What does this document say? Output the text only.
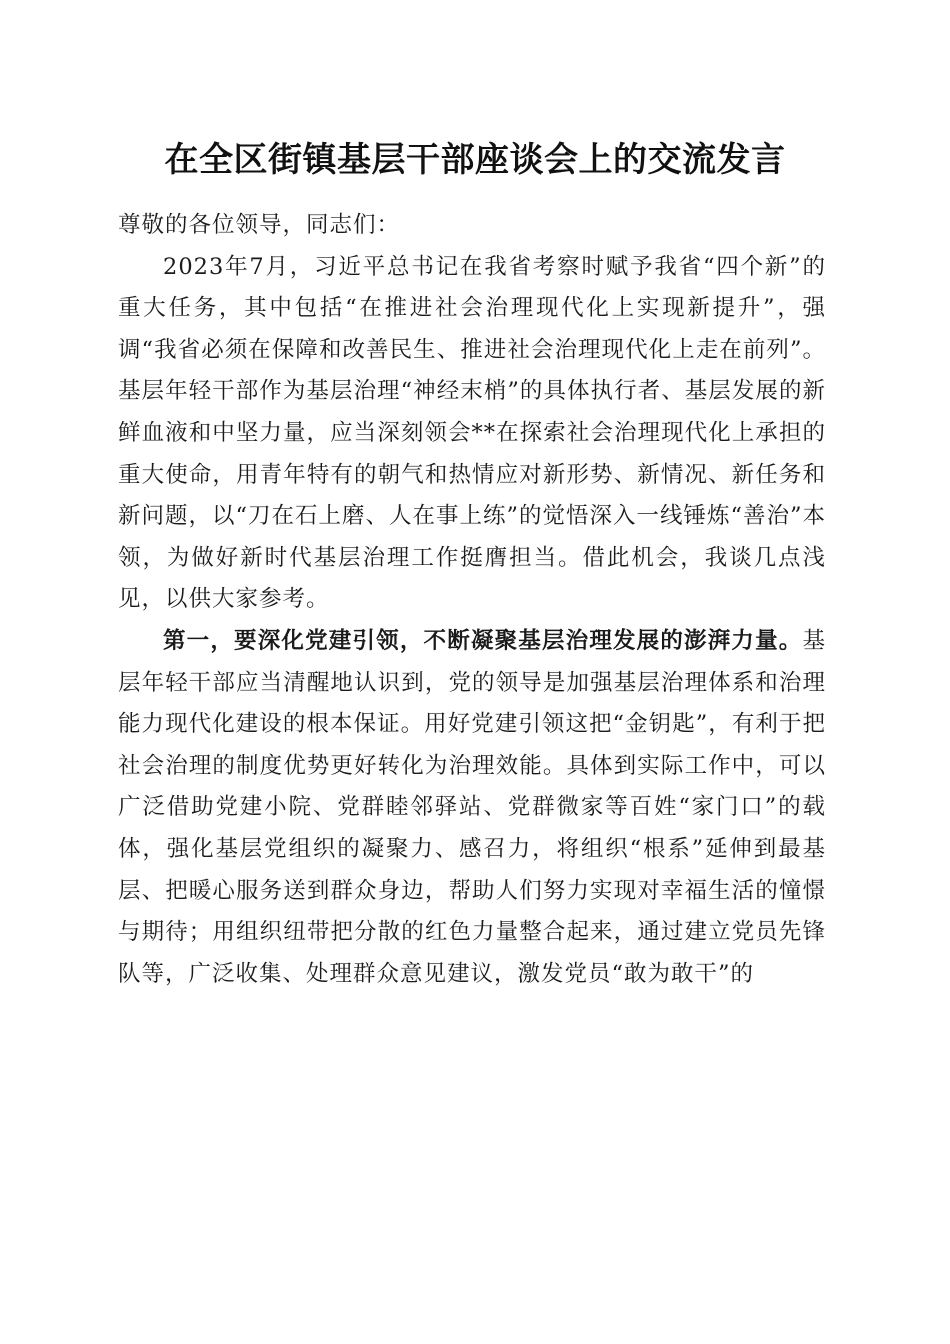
在全区街镇基层干部座谈会上的交流发言

尊敬的各位领导，同志们：

2023年7月，习近平总书记在我省考察时赋予我省“四个新”的重大任务，其中包括“在推进社会治理现代化上实现新提升”，强调“我省必须在保障和改善民生、推进社会治理现代化上走在前列”。基层年轻干部作为基层治理“神经末梢”的具体执行者、基层发展的新鲜血液和中坚力量，应当深刻领会**在探索社会治理现代化上承担的重大使命，用青年特有的朝气和热情应对新形势、新情况、新任务和新问题，以“刀在石上磨、人在事上练”的觉悟深入一线锤炼“善治”本领，为做好新时代基层治理工作挺膺担当。借此机会，我谈几点浅见，以供大家参考。

第一，要深化党建引领，不断凝聚基层治理发展的澎湃力量。基层年轻干部应当清醒地认识到，党的领导是加强基层治理体系和治理能力现代化建设的根本保证。用好党建引领这把“金钥匙”，有利于把社会治理的制度优势更好转化为治理效能。具体到实际工作中，可以广泛借助党建小院、党群睦邻驿站、党群微家等百姓“家门口”的载体，强化基层党组织的凝聚力、感召力，将组织“根系”延伸到最基层、把暖心服务送到群众身边，帮助人们努力实现对幸福生活的憧憬与期待；用组织纽带把分散的红色力量整合起来，通过建立党员先锋队等，广泛收集、处理群众意见建议，激发党员“敢为敢干”的
